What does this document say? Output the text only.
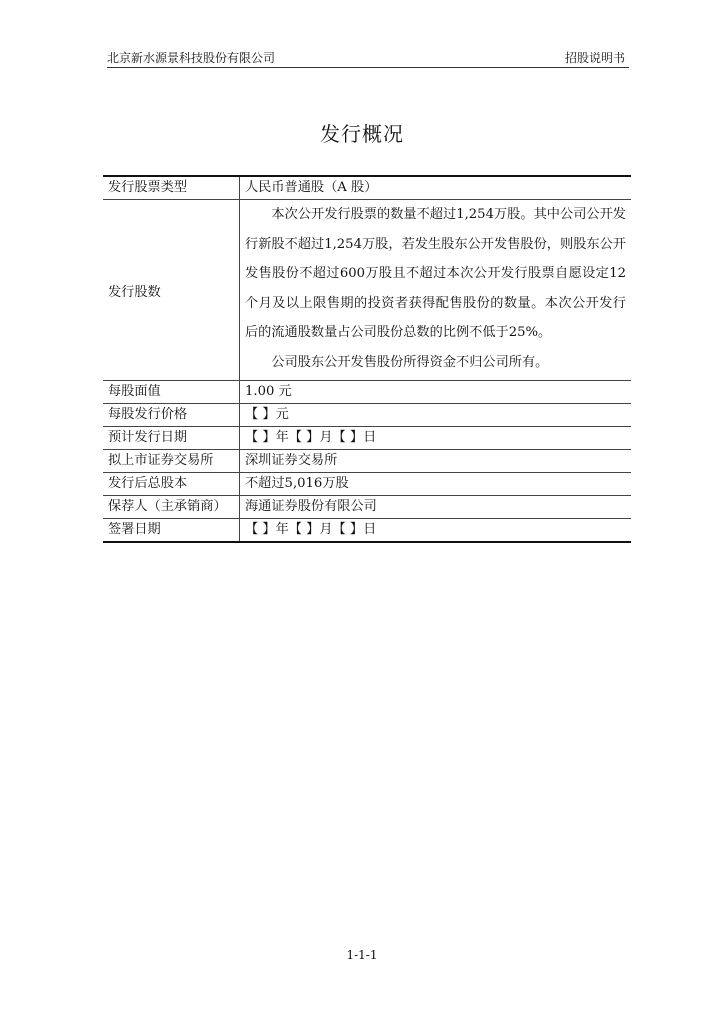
北京新水源景科技股份有限公司	招股说明书
发行概况
发行股票类型	人民币普通股（A 股）
发行股数	本次公开发行股票的数量不超过1,254万股。其中公司公开发行新股不超过1,254万股，若发生股东公开发售股份，则股东公开发售股份不超过600万股且不超过本次公开发行股票自愿设定12个月及以上限售期的投资者获得配售股份的数量。本次公开发行后的流通股数量占公司股份总数的比例不低于25%。

公司股东公开发售股份所得资金不归公司所有。

每股面值	1.00 元
每股发行价格	【 】元
预计发行日期	【 】年【 】月【 】日
拟上市证券交易所	深圳证券交易所
发行后总股本	不超过5,016万股
保荐人（主承销商）	海通证券股份有限公司
签署日期	【 】年【 】月【 】日
1-1-1
